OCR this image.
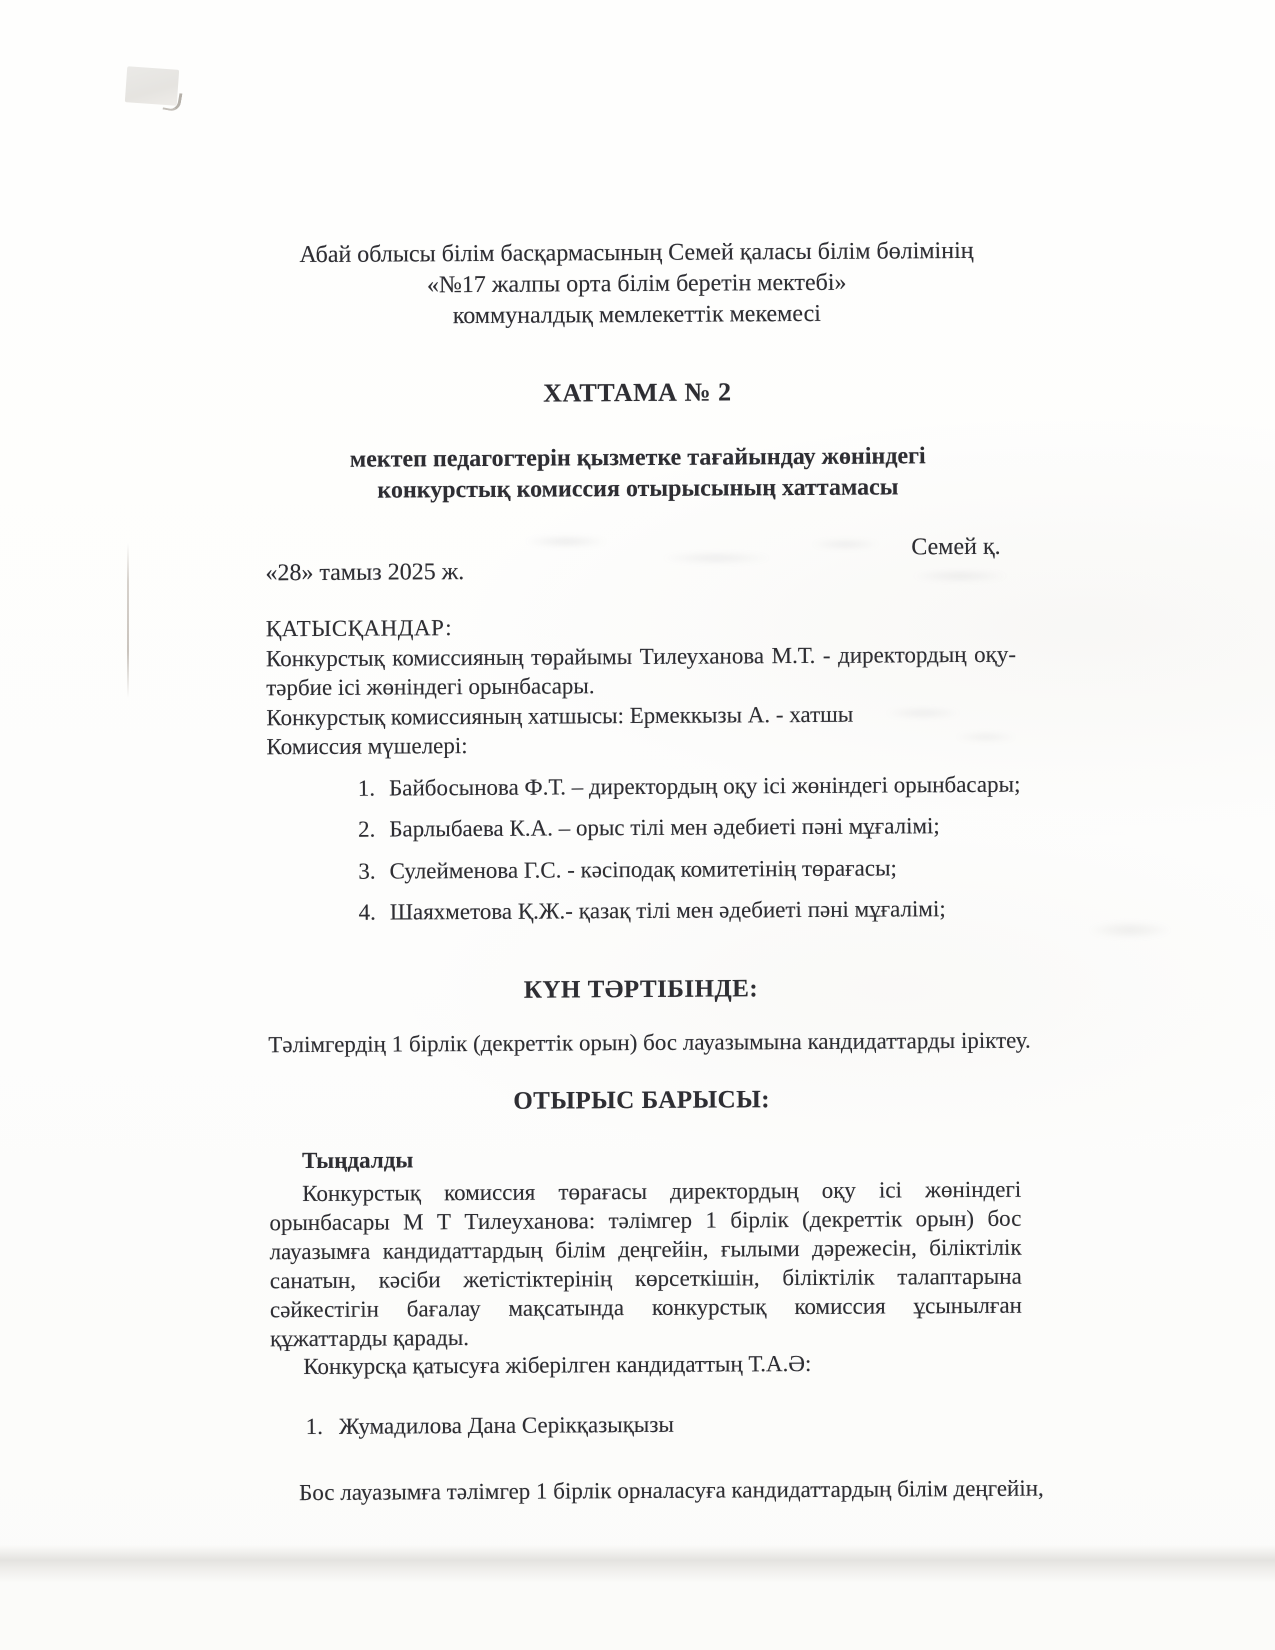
Абай облысы білім басқармасының Семей қаласы білім бөлімінің
«№17 жалпы орта білім беретін мектебі»
коммуналдық мемлекеттік мекемесі
ХАТТАМА № 2
мектеп педагогтерін қызметке тағайындау жөніндегі
конкурстық комиссия отырысының хаттамасы
Семей қ.
«28» тамыз 2025 ж.
ҚАТЫСҚАНДАР:
Конкурстық комиссияның төрайымы Тилеуханова М.Т. - директордың оқу-тәрбие ісі жөніндегі орынбасары.
Конкурстық комиссияның хатшысы: Ермеккызы А. - хатшы
Комиссия мүшелері:
1. Байбосынова Ф.Т. – директордың оқу ісі жөніндегі орынбасары;
2. Барлыбаева К.А. – орыс тілі мен әдебиеті пәні мұғалімі;
3. Сулейменова Г.С. - кәсіподақ комитетінің төрағасы;
4. Шаяхметова Қ.Ж.- қазақ тілі мен әдебиеті пәні мұғалімі;
КҮН ТӘРТІБІНДЕ:
Тәлімгердің 1 бірлік (декреттік орын) бос лауазымына кандидаттарды іріктеу.
ОТЫРЫС БАРЫСЫ:
Тыңдалды
Конкурстық комиссия төрағасы директордың оқу ісі жөніндегі орынбасары М Т Тилеуханова: тәлімгер 1 бірлік (декреттік орын) бос лауазымға кандидаттардың білім деңгейін, ғылыми дәрежесін, біліктілік санатын, кәсіби жетістіктерінің көрсеткішін, біліктілік талаптарына сәйкестігін бағалау мақсатында конкурстық комиссия ұсынылған құжаттарды қарады.
Конкурсқа қатысуға жіберілген кандидаттың Т.А.Ә:
1. Жумадилова Дана Серікқазықызы
Бос лауазымға тәлімгер 1 бірлік орналасуға кандидаттардың білім деңгейін,
